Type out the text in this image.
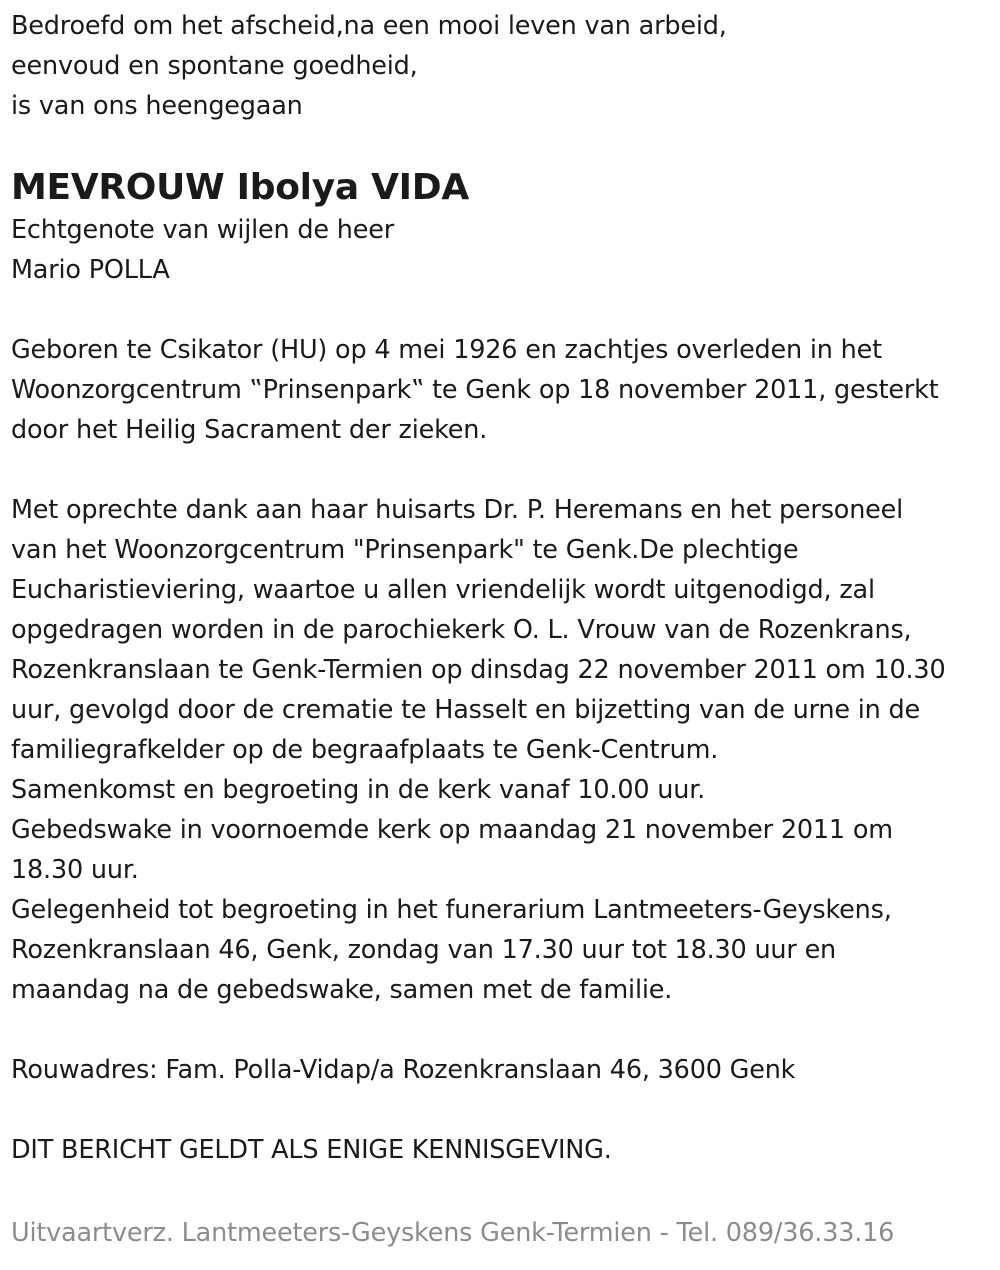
Bedroefd om het afscheid,na een mooi leven van arbeid,
eenvoud en spontane goedheid,
is van ons heengegaan
MEVROUW Ibolya VIDA
Echtgenote van wijlen de heer
Mario POLLA
Geboren te Csikator (HU) op 4 mei 1926 en zachtjes overleden in het
Woonzorgcentrum ‟Prinsenpark‟ te Genk op 18 november 2011, gesterkt
door het Heilig Sacrament der zieken.
Met oprechte dank aan haar huisarts Dr. P. Heremans en het personeel
van het Woonzorgcentrum "Prinsenpark" te Genk.De plechtige
Eucharistieviering, waartoe u allen vriendelijk wordt uitgenodigd, zal
opgedragen worden in de parochiekerk O. L. Vrouw van de Rozenkrans,
Rozenkranslaan te Genk-Termien op dinsdag 22 november 2011 om 10.30
uur, gevolgd door de crematie te Hasselt en bijzetting van de urne in de
familiegrafkelder op de begraafplaats te Genk-Centrum.
Samenkomst en begroeting in de kerk vanaf 10.00 uur.
Gebedswake in voornoemde kerk op maandag 21 november 2011 om
18.30 uur.
Gelegenheid tot begroeting in het funerarium Lantmeeters-Geyskens,
Rozenkranslaan 46, Genk, zondag van 17.30 uur tot 18.30 uur en
maandag na de gebedswake, samen met de familie.
Rouwadres: Fam. Polla-Vidap/a Rozenkranslaan 46, 3600 Genk
DIT BERICHT GELDT ALS ENIGE KENNISGEVING.
Uitvaartverz. Lantmeeters-Geyskens Genk-Termien - Tel. 089/36.33.16
